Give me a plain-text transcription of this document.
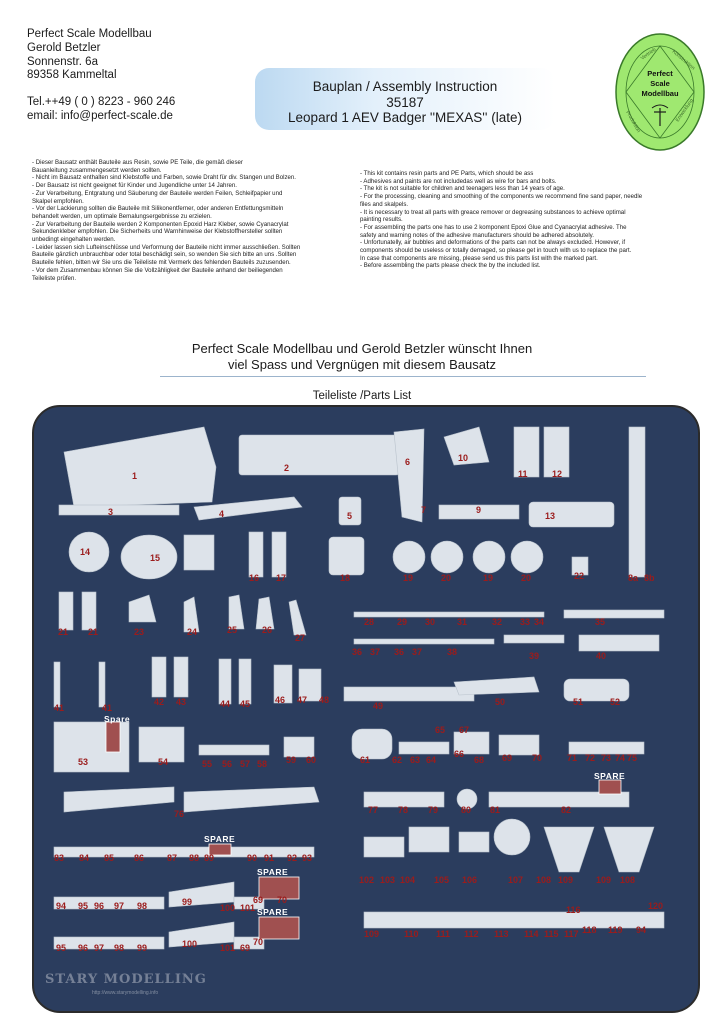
Perfect Scale Modellbau
Gerold Betzler
Sonnenstr. 6a
89358 Kammeltal
Tel.++49 ( 0 ) 8223 - 960 246
email: info@perfect-scale.de
Bauplan / Assembly Instruction
35187
Leopard 1 AEV Badger ''MEXAS'' (late)
Perfect
Scale
Modellbau
Vertrieb	Konstruktion
Entwicklung
Produktion

- Dieser Bausatz enthält Bauteile aus Resin, sowie PE Teile, die gemäß dieser

Bauanleitung zusammengesetzt werden sollten.

- Nicht im Bausatz enthalten sind Klebstoffe und Farben, sowie Draht für div. Stangen und Bolzen.

- Der Bausatz ist nicht geeignet für Kinder und Jugendliche unter 14 Jahren.

- Zur Verarbeitung, Entgratung und Säuberung der Bauteile werden Feilen, Schleifpapier und

Skalpel empfohlen.

- Vor der Lackierung sollten die Bauteile mit Silikonentferner, oder anderen Entfettungsmitteln

behandelt werden, um optimale Bemalungsergebnisse zu erzielen.

- Zur Verarbeitung der Bauteile werden 2 Komponenten Epoxid Harz Kleber, sowie Cyanacrylat

Sekundenkleber empfohlen. Die Sicherheits und Warnhinweise der Klebstoffhersteller sollten

unbedingt eingehalten werden.

- Leider lassen sich Lufteinschlüsse und Verformung der Bauteile nicht immer ausschließen. Sollten

Bauteile gänzlich unbrauchbar oder total beschädigt sein, so wenden Sie sich bitte an uns .Sollten

Bauteile fehlen, bitten wir Sie uns die Teileliste mit Vermerk des fehlenden Bauteils zuzusenden.

- Vor dem Zusammenbau können Sie die Vollzähligkeit der Bauteile anhand der beiliegenden

Teileliste prüfen.

- This kit contains resin parts and PE Parts, which should be ass

- Adhesives and paints are not includedas well as wire for bars and bolts.

- The kit is not suitable for children and teenagers less than 14 years of age.

- For the processing, cleaning and smoothing of the components we recommend fine sand paper, needle

files and skalpels.

- It is necessary to treat all parts with greace remover or degreasing substances to achieve optimal

painting results.

- For assembling the parts one has to use 2 komponent Epoxi Glue and Cyanacrylat adhesive. The

safety and warning notes of the adhesive manufacturers should be adhered absolutely.

- Unfortunatelly, air bubbles and deformations of the parts can not be always excluded. However, if

components should be useless or totally demaged, so please get in touch with us to replace the part.

In case that components are missing, please send us this parts list with the marked part.

- Before assembling the parts please check the by the included list.

Perfect Scale Modellbau und Gerold Betzler wünscht Ihnen
viel Spass und Vergnügen mit diesem Bausatz
Teileliste /Parts List
1
2
3	4	5
6
7	9
10
11	12
13
14
15
16 17	18	19	20	19	20	22	8a 8b
21 21	23	24	25	26
27
28	29 30 31	32 33 34	35
36 37 36 37	38	39	40
41	41
42 43	44 45	46 47 48
49	50	51	52
53	54	55 56 57 58 59 60
65 67
61 62 63 64
66
68 69 70	71 72 73 74 75
76	77 78 79	80 81	82
83 84 85 86	87 88 89	90 91 92 93
102 103 104 105 106	107 108 109	109 108
94 95 96 97 98	99
100 101
69 70
116	120
109	110 111 112 113 114 115 117 118 119 94
95 96 97 98 99	100	101 69
70
Spare
SPARE
SPARE
SPARE
SPARE
STARY MODELLING
http://www.starymodelling.info
